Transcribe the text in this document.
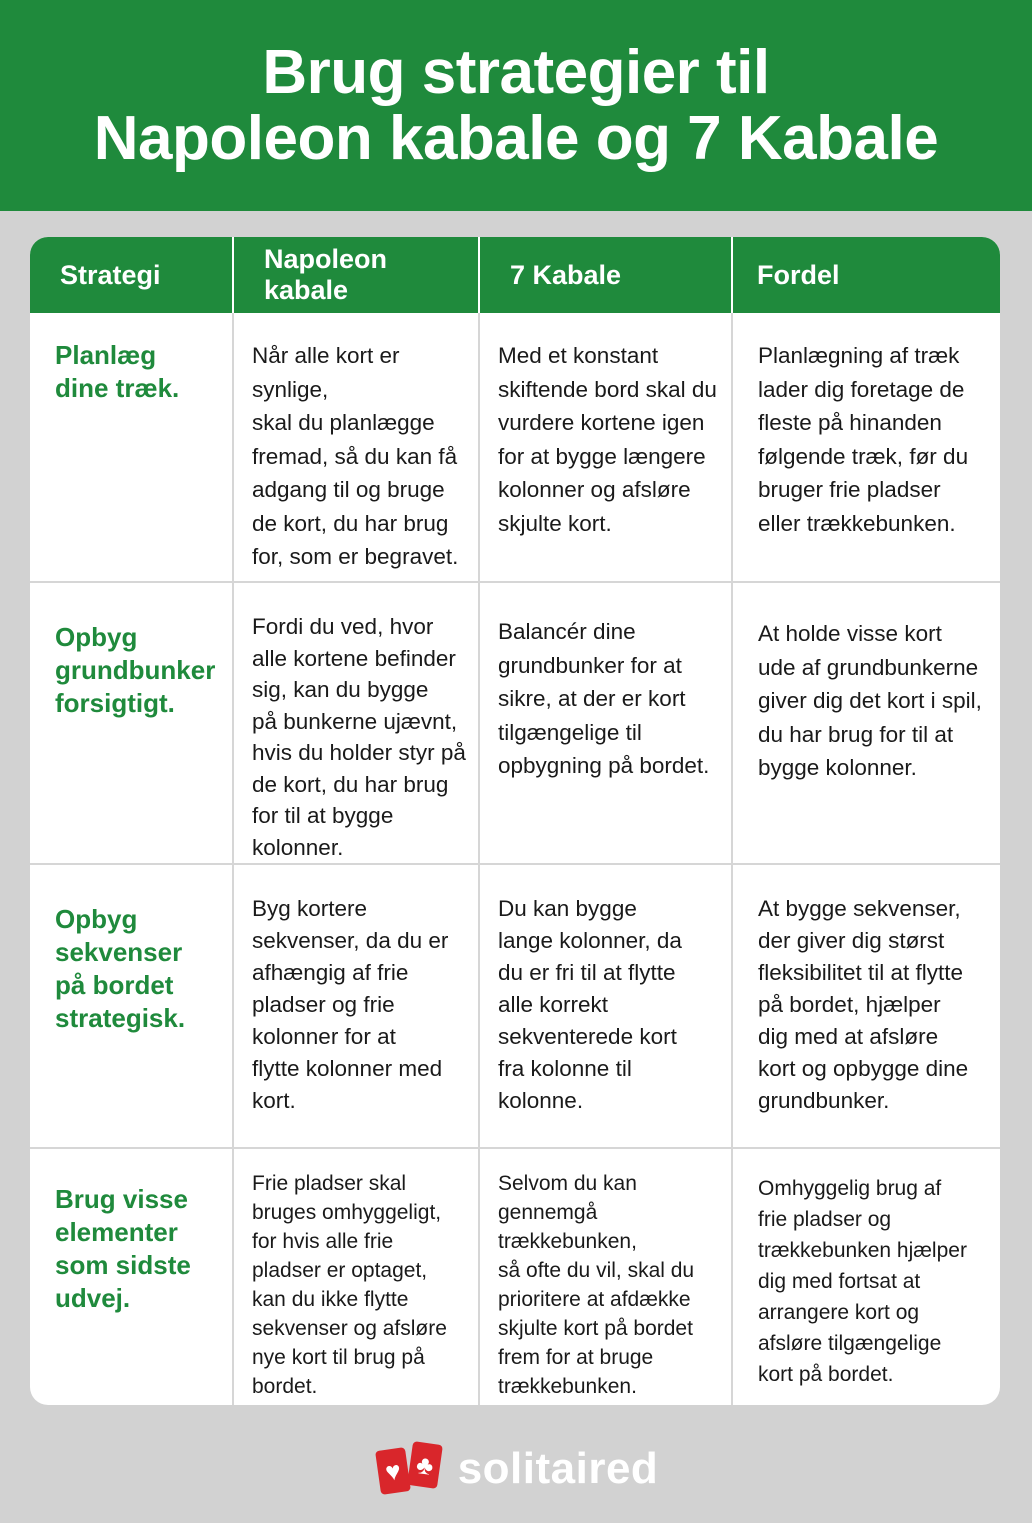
Brug strategier til
Napoleon kabale og 7 Kabale
Strategi
Napoleon kabale
7 Kabale	Fordel
Planlæg
dine træk.
Når alle kort er synlige,
skal du planlægge
fremad, så du kan få
adgang til og bruge
de kort, du har brug
for, som er begravet.
Med et konstant
skiftende bord skal du
vurdere kortene igen
for at bygge længere
kolonner og afsløre
skjulte kort.
Planlægning af træk
lader dig foretage de
fleste på hinanden
følgende træk, før du
bruger frie pladser
eller trækkebunken.
Opbyg
grundbunker
forsigtigt.
Fordi du ved, hvor
alle kortene befinder
sig, kan du bygge
på bunkerne ujævnt,
hvis du holder styr på
de kort, du har brug
for til at bygge kolonner.
Balancér dine
grundbunker for at
sikre, at der er kort
tilgængelige til
opbygning på bordet.
At holde visse kort
ude af grundbunkerne
giver dig det kort i spil,
du har brug for til at
bygge kolonner.
Opbyg
sekvenser
på bordet
strategisk.
Byg kortere
sekvenser, da du er
afhængig af frie
pladser og frie
kolonner for at
flytte kolonner med
kort.
Du kan bygge
lange kolonner, da
du er fri til at flytte
alle korrekt
sekventerede kort
fra kolonne til
kolonne.
At bygge sekvenser,
der giver dig størst
fleksibilitet til at flytte
på bordet, hjælper
dig med at afsløre
kort og opbygge dine
grundbunker.
Brug visse
elementer
som sidste
udvej.
Frie pladser skal
bruges omhyggeligt,
for hvis alle frie
pladser er optaget,
kan du ikke flytte
sekvenser og afsløre
nye kort til brug på
bordet.
Selvom du kan
gennemgå trækkebunken,
så ofte du vil, skal du
prioritere at afdække
skjulte kort på bordet
frem for at bruge
trækkebunken.
Omhyggelig brug af
frie pladser og
trækkebunken hjælper
dig med fortsat at
arrangere kort og
afsløre tilgængelige
kort på bordet.
♥ ♣ solitaired
